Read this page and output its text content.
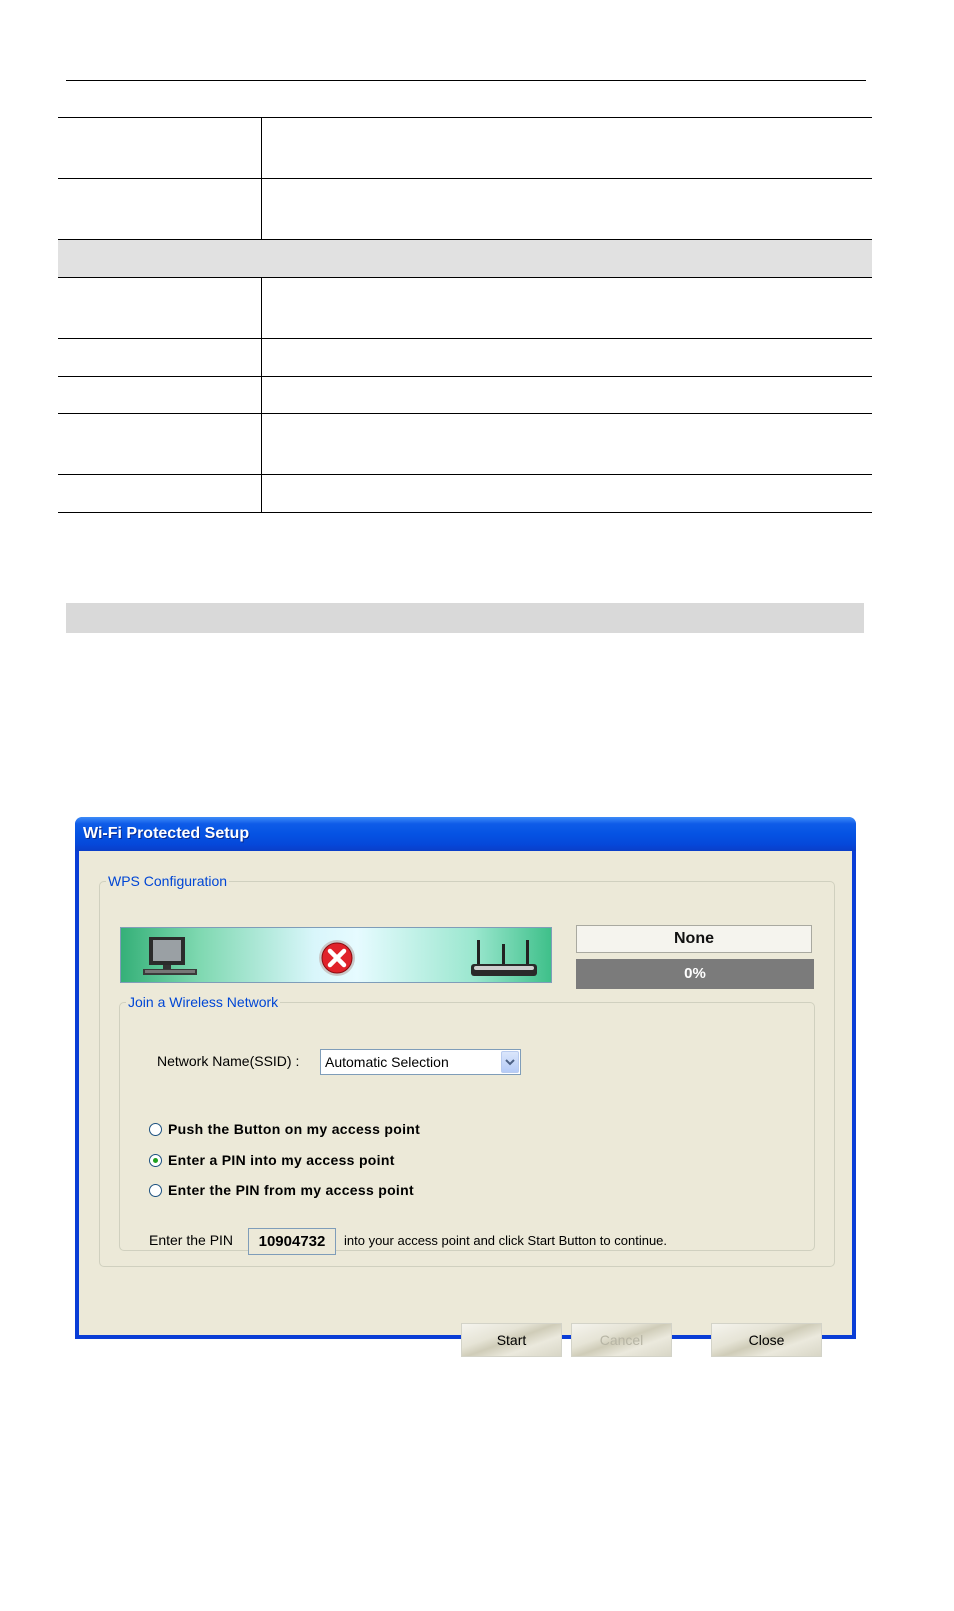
Wi-Fi Protected Setup
WPS Configuration
None
0%
Join a Wireless Network
Network Name(SSID) : Automatic Selection
Push the Button on my access point
Enter a PIN into my access point
Enter the PIN from my access point
Enter the PIN	10904732	into your access point and click Start Button to continue.
Start	Cancel	Close
